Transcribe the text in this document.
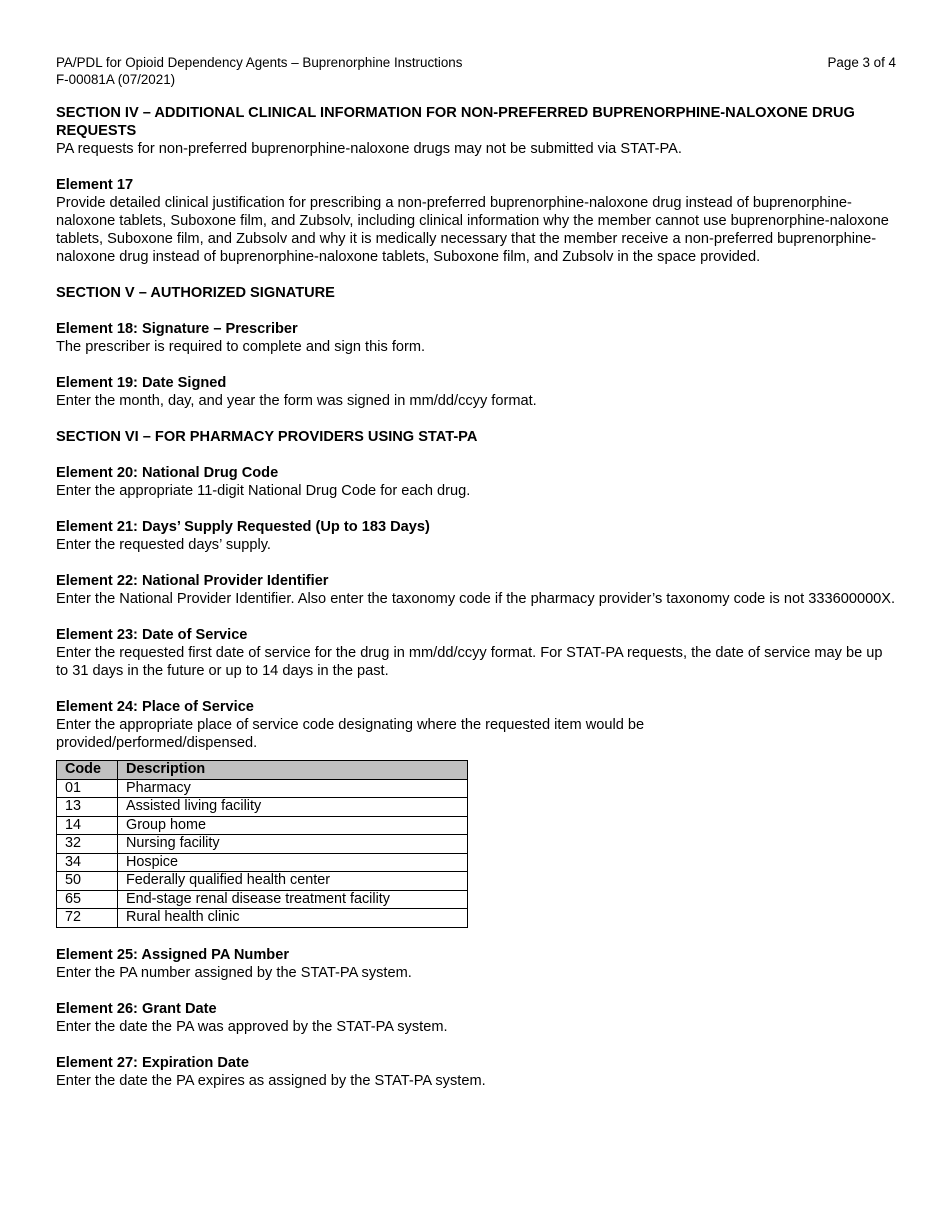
PA/PDL for Opioid Dependency Agents – Buprenorphine Instructions
F-00081A (07/2021)
Page 3 of 4

SECTION IV – ADDITIONAL CLINICAL INFORMATION FOR NON-PREFERRED BUPRENORPHINE-NALOXONE DRUG REQUESTS

PA requests for non-preferred buprenorphine-naloxone drugs may not be submitted via STAT-PA.

Element 17

Provide detailed clinical justification for prescribing a non-preferred buprenorphine-naloxone drug instead of buprenorphine-naloxone tablets, Suboxone film, and Zubsolv, including clinical information why the member cannot use buprenorphine-naloxone tablets, Suboxone film, and Zubsolv and why it is medically necessary that the member receive a non-preferred buprenorphine-naloxone drug instead of buprenorphine-naloxone tablets, Suboxone film, and Zubsolv in the space provided.

SECTION V – AUTHORIZED SIGNATURE

Element 18: Signature – Prescriber

The prescriber is required to complete and sign this form.

Element 19: Date Signed

Enter the month, day, and year the form was signed in mm/dd/ccyy format.

SECTION VI – FOR PHARMACY PROVIDERS USING STAT-PA

Element 20: National Drug Code

Enter the appropriate 11-digit National Drug Code for each drug.

Element 21: Days’ Supply Requested (Up to 183 Days)

Enter the requested days’ supply.

Element 22: National Provider Identifier

Enter the National Provider Identifier. Also enter the taxonomy code if the pharmacy provider’s taxonomy code is not 333600000X.

Element 23: Date of Service

Enter the requested first date of service for the drug in mm/dd/ccyy format. For STAT-PA requests, the date of service may be up to 31 days in the future or up to 14 days in the past.

Element 24: Place of Service

Enter the appropriate place of service code designating where the requested item would be provided/performed/dispensed.

Code	Description
01	Pharmacy
13	Assisted living facility
14	Group home
32	Nursing facility
34	Hospice
50	Federally qualified health center
65	End-stage renal disease treatment facility
72	Rural health clinic

Element 25: Assigned PA Number

Enter the PA number assigned by the STAT-PA system.

Element 26: Grant Date

Enter the date the PA was approved by the STAT-PA system.

Element 27: Expiration Date

Enter the date the PA expires as assigned by the STAT-PA system.
